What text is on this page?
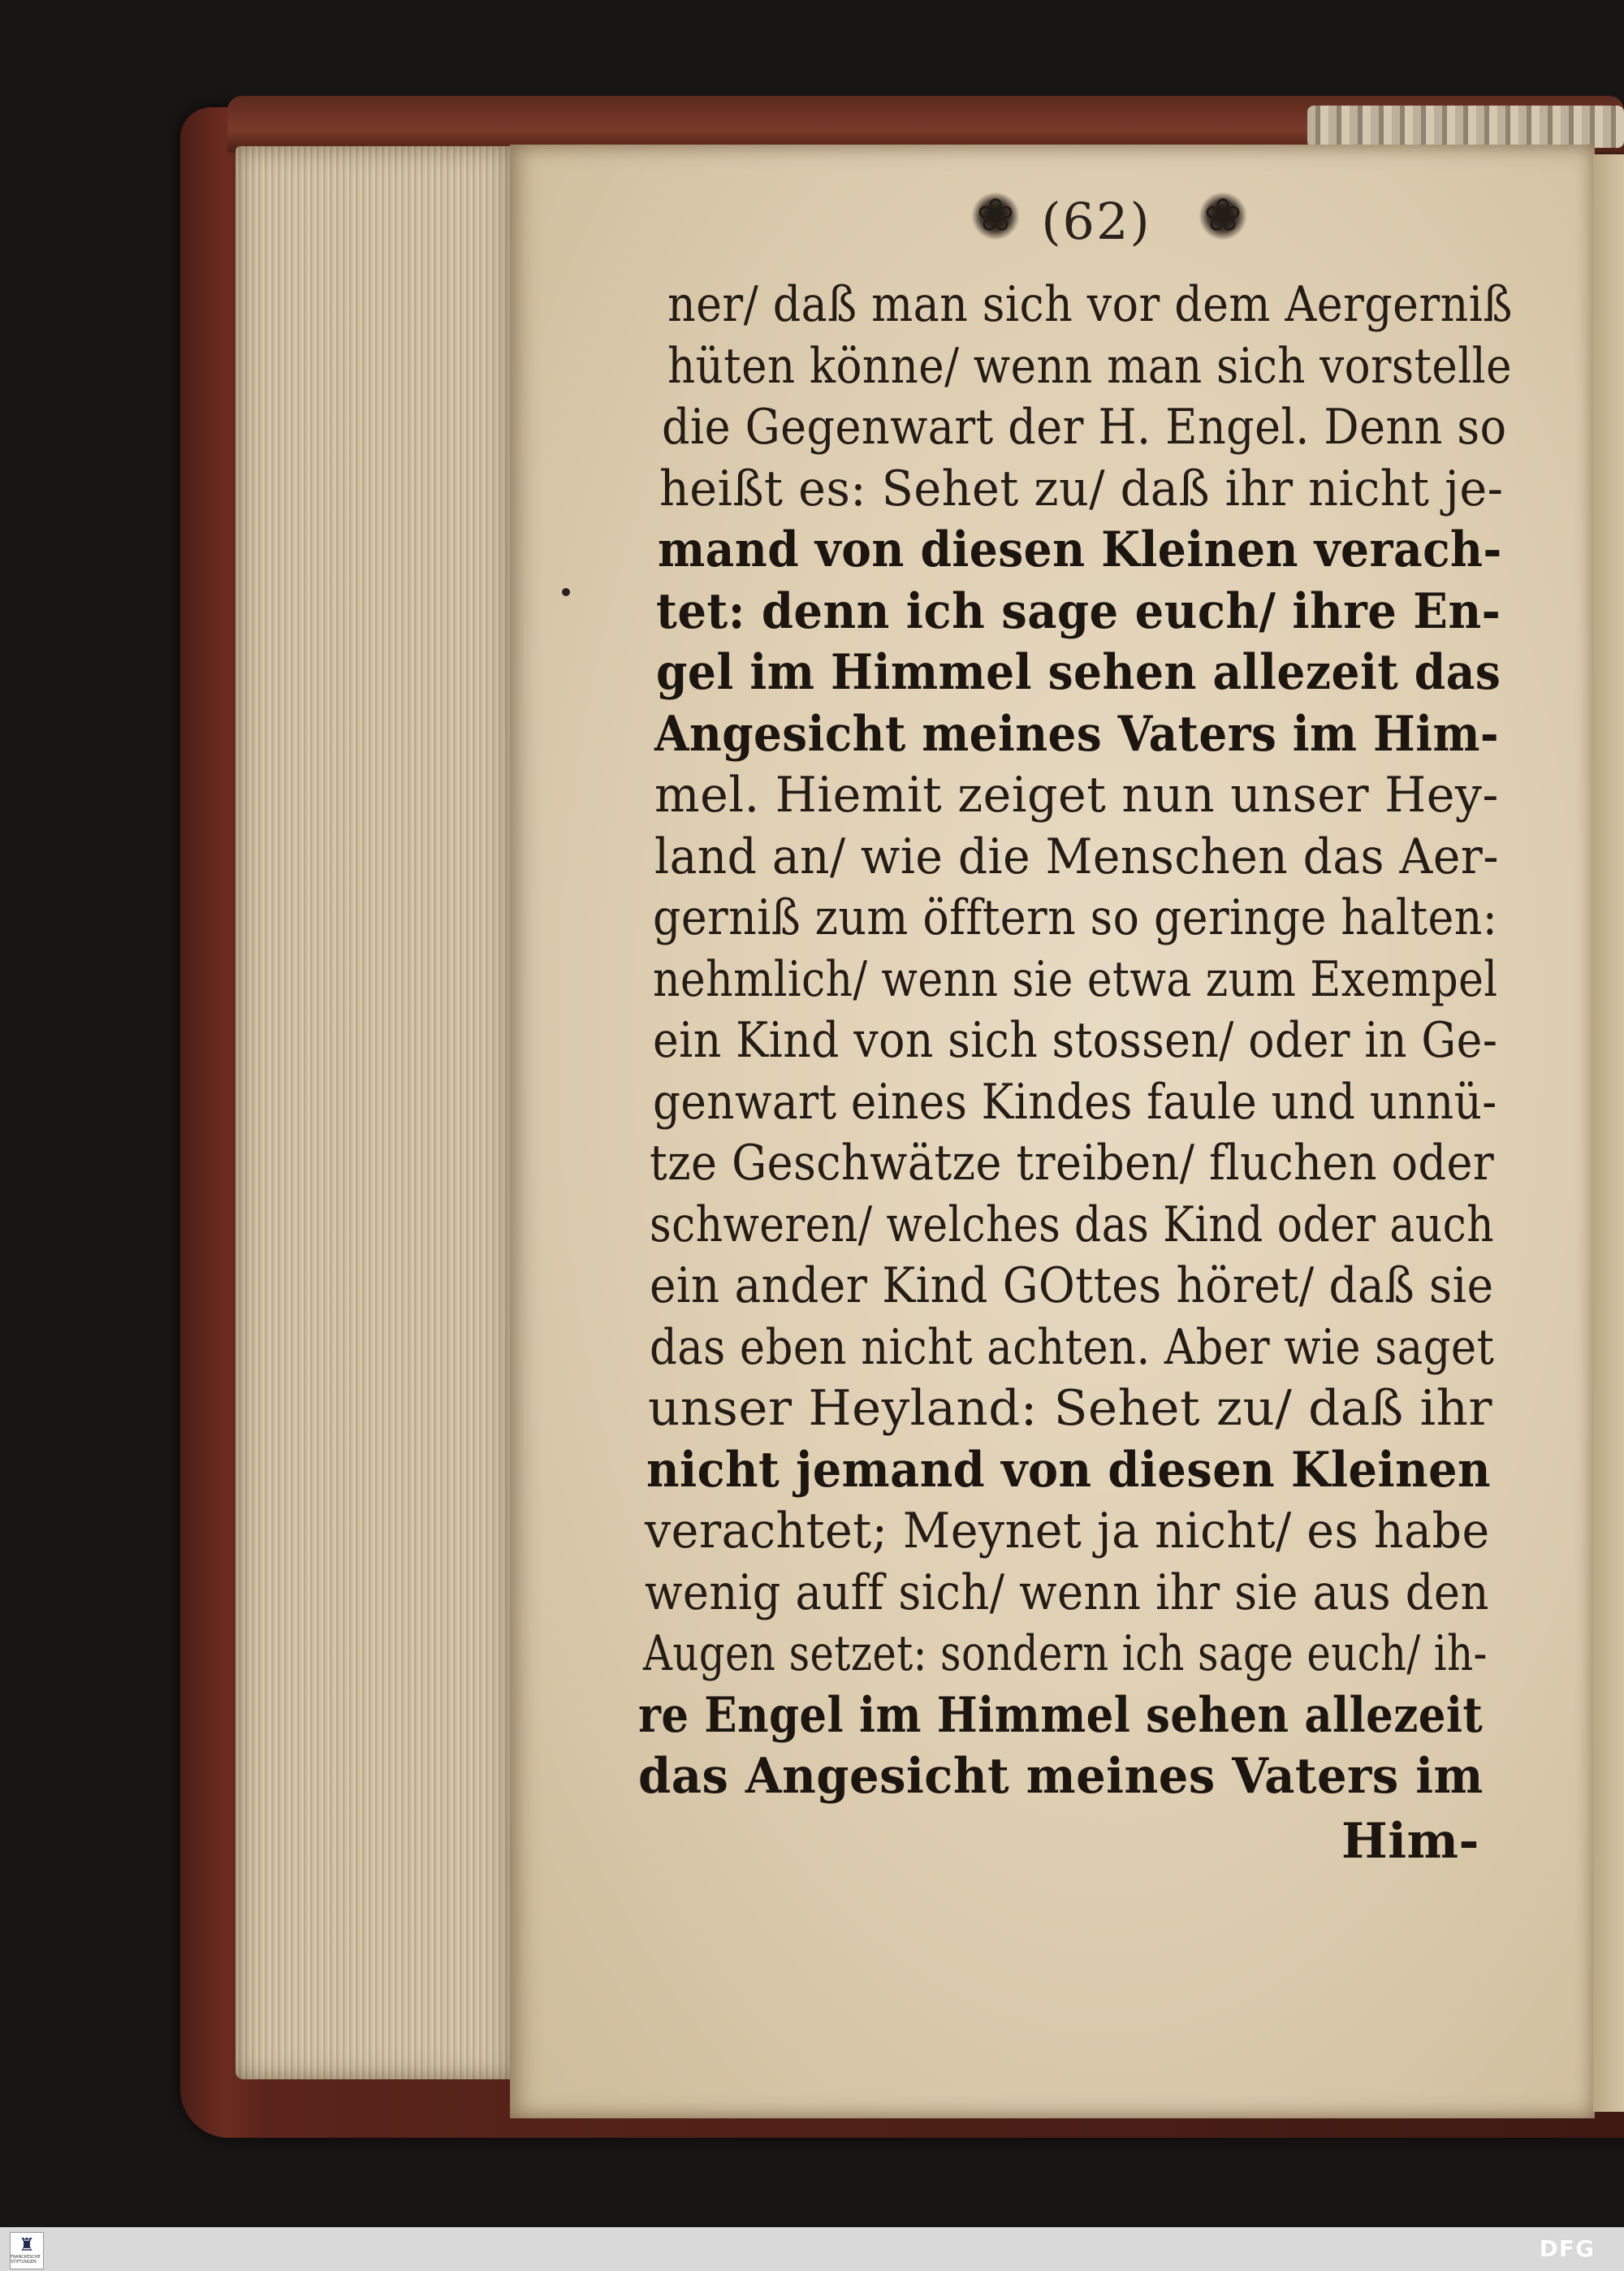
❀ (62) ❀
ner/ daß man sich vor dem Aergerniß
hüten könne/ wenn man sich vorstelle
die Gegenwart der H. Engel. Denn so
heißt es: Sehet zu/ daß ihr nicht je-
mand von diesen Kleinen verach-
tet: denn ich sage euch/ ihre En-
gel im Himmel sehen allezeit das
Angesicht meines Vaters im Him-
mel. Hiemit zeiget nun unser Hey-
land an/ wie die Menschen das Aer-
gerniß zum öfftern so geringe halten:
nehmlich/ wenn sie etwa zum Exempel
ein Kind von sich stossen/ oder in Ge-
genwart eines Kindes faule und unnü-
tze Geschwätze treiben/ fluchen oder
schweren/ welches das Kind oder auch
ein ander Kind GOttes höret/ daß sie
das eben nicht achten. Aber wie saget
unser Heyland: Sehet zu/ daß ihr
nicht jemand von diesen Kleinen
verachtet; Meynet ja nicht/ es habe
wenig auff sich/ wenn ihr sie aus den
Augen setzet: sondern ich sage euch/ ih-
re Engel im Himmel sehen allezeit
das Angesicht meines Vaters im
Him-
♜
FRANCKESCHE STIFTUNGEN	DFG
